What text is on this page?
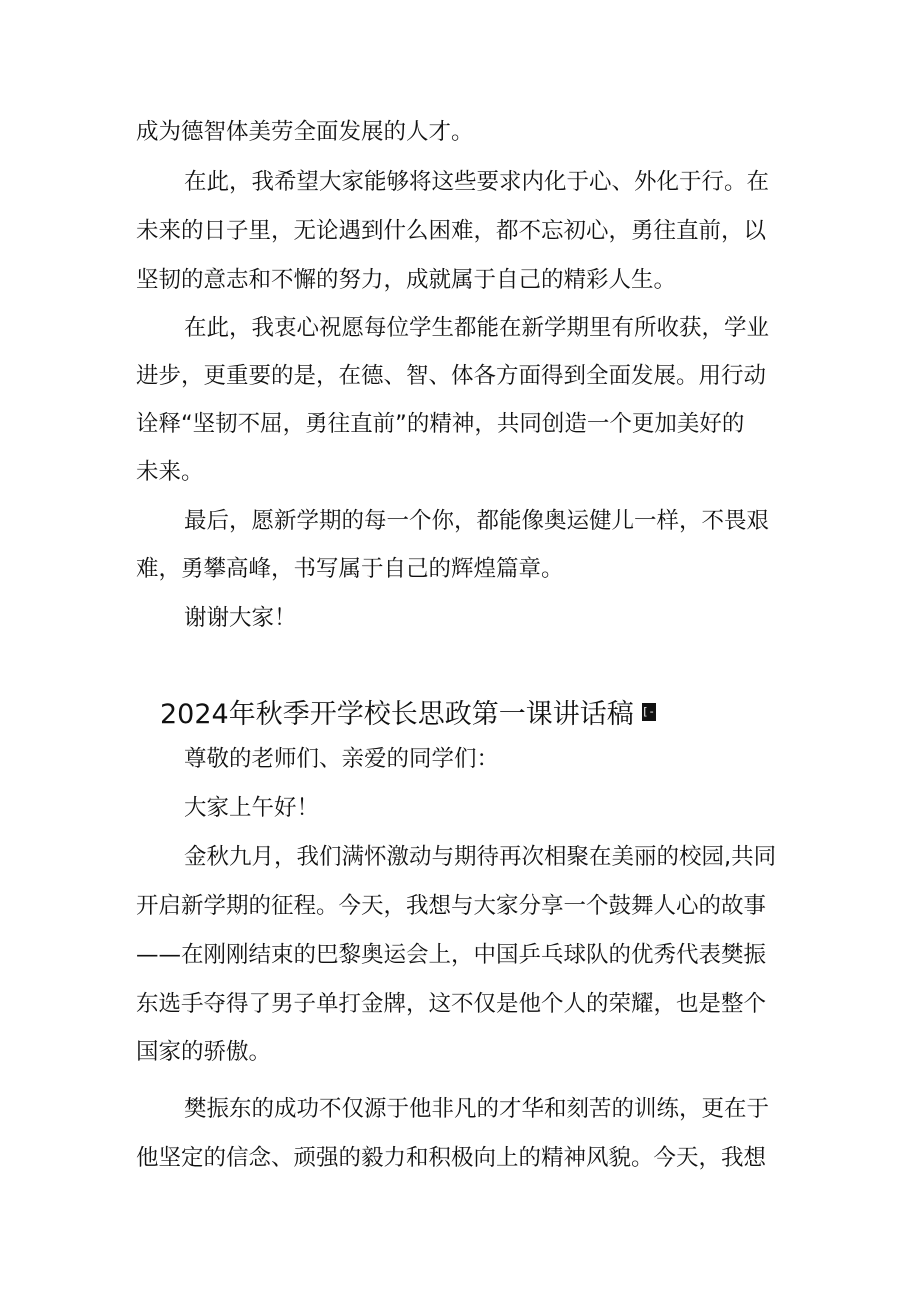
成为德智体美劳全面发展的人才。
在此，我希望大家能够将这些要求内化于心、外化于行。在
未来的日子里，无论遇到什么困难，都不忘初心，勇往直前，以
坚韧的意志和不懈的努力，成就属于自己的精彩人生。
在此，我衷心祝愿每位学生都能在新学期里有所收获，学业
进步，更重要的是，在德、智、体各方面得到全面发展。用行动
诠释“坚韧不屈，勇往直前”的精神，共同创造一个更加美好的
未来。
最后，愿新学期的每一个你，都能像奥运健儿一样，不畏艰
难，勇攀高峰，书写属于自己的辉煌篇章。
谢谢大家！
2024年秋季开学校长思政第一课讲话稿 [-]
尊敬的老师们、亲爱的同学们：
大家上午好！
金秋九月，我们满怀激动与期待再次相聚在美丽的校园,共同
开启新学期的征程。今天，我想与大家分享一个鼓舞人心的故事
——在刚刚结束的巴黎奥运会上，中国乒乓球队的优秀代表樊振
东选手夺得了男子单打金牌，这不仅是他个人的荣耀，也是整个
国家的骄傲。
樊振东的成功不仅源于他非凡的才华和刻苦的训练，更在于
他坚定的信念、顽强的毅力和积极向上的精神风貌。今天，我想
